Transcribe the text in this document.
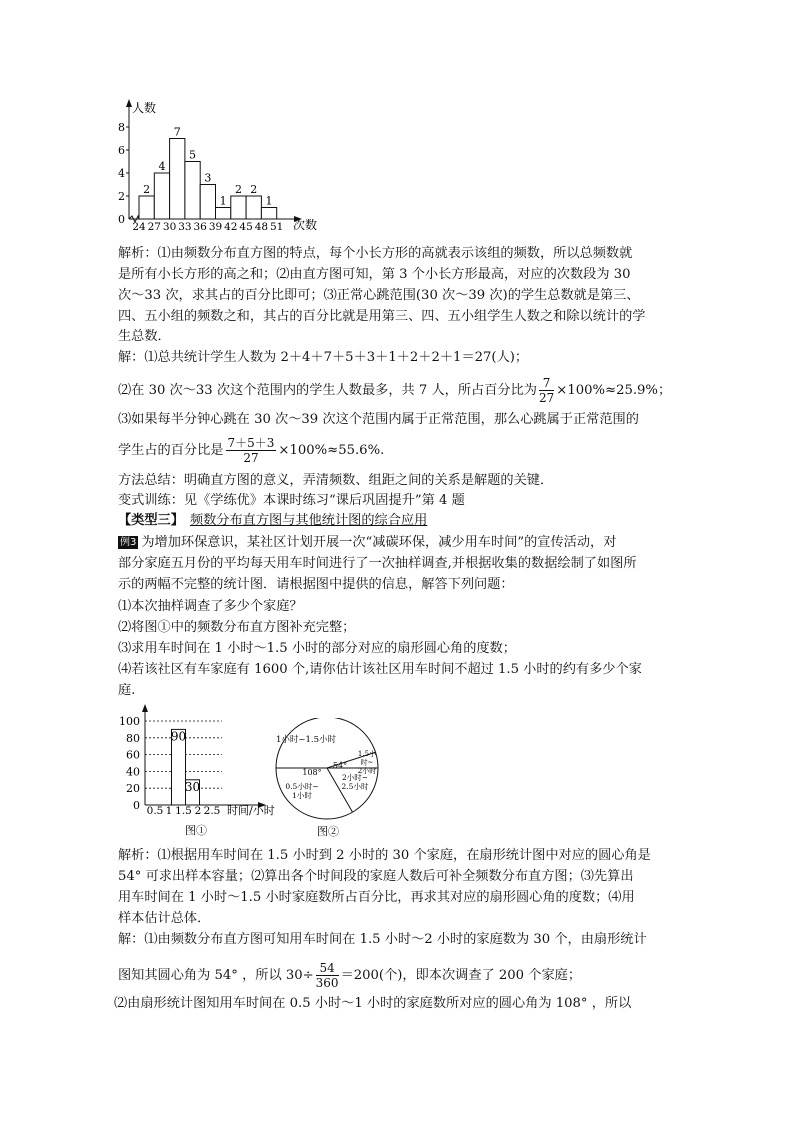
人数
次数
2
4
7
5
3
1
2 2
1
24 27 30 33 36 39 42 45 48 51
0
2
4
6
8
解析：⑴由频数分布直方图的特点，每个小长方形的高就表示该组的频数，所以总频数就
是所有小长方形的高之和；⑵由直方图可知，第 3 个小长方形最高，对应的次数段为 30
次～33 次，求其占的百分比即可；⑶正常心跳范围(30 次～39 次)的学生总数就是第三、
四、五小组的频数之和，其占的百分比就是用第三、四、五小组学生人数之和除以统计的学
生总数．
解：⑴总共统计学生人数为 2＋4＋7＋5＋3＋1＋2＋2＋1＝27(人)；
⑵在 30 次～33 次这个范围内的学生人数最多，共 7 人，所占百分比为 $\frac{7}{27} \times 100\%\approx 25.9\%$；
⑶如果每半分钟心跳在 30 次～39 次这个范围内属于正常范围，那么心跳属于正常范围的
学生占的百分比是 $\frac{7+5+3}{27} \times 100\%\approx 55.6\%$.
方法总结：明确直方图的意义，弄清频数、组距之间的关系是解题的关键．
变式训练：见《学练优》本课时练习“课后巩固提升”第 4 题
【类型三】 频数分布直方图与其他统计图的综合应用
例3 为增加环保意识，某社区计划开展一次“减碳环保，减少用车时间”的宣传活动，对
部分家庭五月份的平均每天用车时间进行了一次抽样调查,并根据收集的数据绘制了如图所
示的两幅不完整的统计图．请根据图中提供的信息，解答下列问题：
⑴本次抽样调查了多少个家庭？
⑵将图①中的频数分布直方图补充完整；
⑶求用车时间在 1 小时～1.5 小时的部分对应的扇形圆心角的度数；
⑷若该社区有车家庭有 1600 个,请你估计该社区用车时间不超过 1.5 小时的约有多少个家
庭.
时间/小时
图①
0
20
40
60
80
100
90
30
0.5 1 1.5 2 2.5
1小时~1.5小时
1.5小
时~
2小时
2小时~
2.5小时
0.5小时~
1小时
54°
108°
图②
解析：⑴根据用车时间在 1.5 小时到 2 小时的 30 个家庭，在扇形统计图中对应的圆心角是
54° 可求出样本容量；⑵算出各个时间段的家庭人数后可补全频数分布直方图；⑶先算出
用车时间在 1 小时～1.5 小时家庭数所占百分比，再求其对应的扇形圆心角的度数；⑷用
样本估计总体．
解：⑴由频数分布直方图可知用车时间在 1.5 小时～2 小时的家庭数为 30 个，由扇形统计
图知其圆心角为 54° ，所以 $30\div \frac{54}{360} =200$(个)，即本次调查了 200 个家庭；
⑵由扇形统计图知用车时间在 0.5 小时～1 小时的家庭数所对应的圆心角为 108° ，所以
